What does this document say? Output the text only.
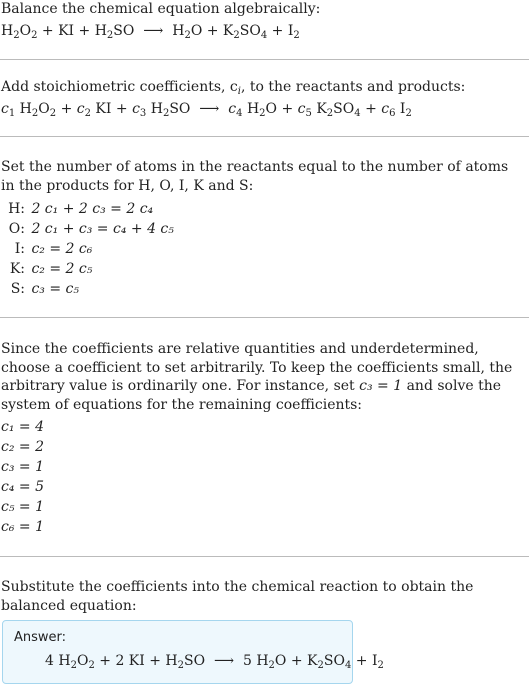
Balance the chemical equation algebraically:
$H_2O_2$ + KI + $H_2SO$  ⟶  $H_2O + K_2SO_4 + I_2$
Add stoichiometric coefficients, $c_i$, to the reactants and products:
$c_1$ $H_2O_2 + c_2$ KI + $c_3$ $H_2SO$  ⟶  $c_4$ $H_2O + c_5$ $K_2SO_4 + c_6$ $I_2$
Set the number of atoms in the reactants equal to the number of atoms in the products for H, O, I, K and S:
H: 2 c₁ + 2 c₃ = 2 c₄
O: 2 c₁ + c₃ = c₄ + 4 c₅
I: c₂ = 2 c₆
K: c₂ = 2 c₅
S: c₃ = c₅
Since the coefficients are relative quantities and underdetermined, choose a coefficient to set arbitrarily. To keep the coefficients small, the arbitrary value is ordinarily one. For instance, set c₃ = 1 and solve the system of equations for the remaining coefficients:
c₁ = 4
c₂ = 2
c₃ = 1
c₄ = 5
c₅ = 1
c₆ = 1
Substitute the coefficients into the chemical reaction to obtain the balanced equation:
Answer:
4 $H_2O_2 + 2$ KI + $H_2SO$  ⟶  5 $H_2O + K_2SO_4 + I_2$
